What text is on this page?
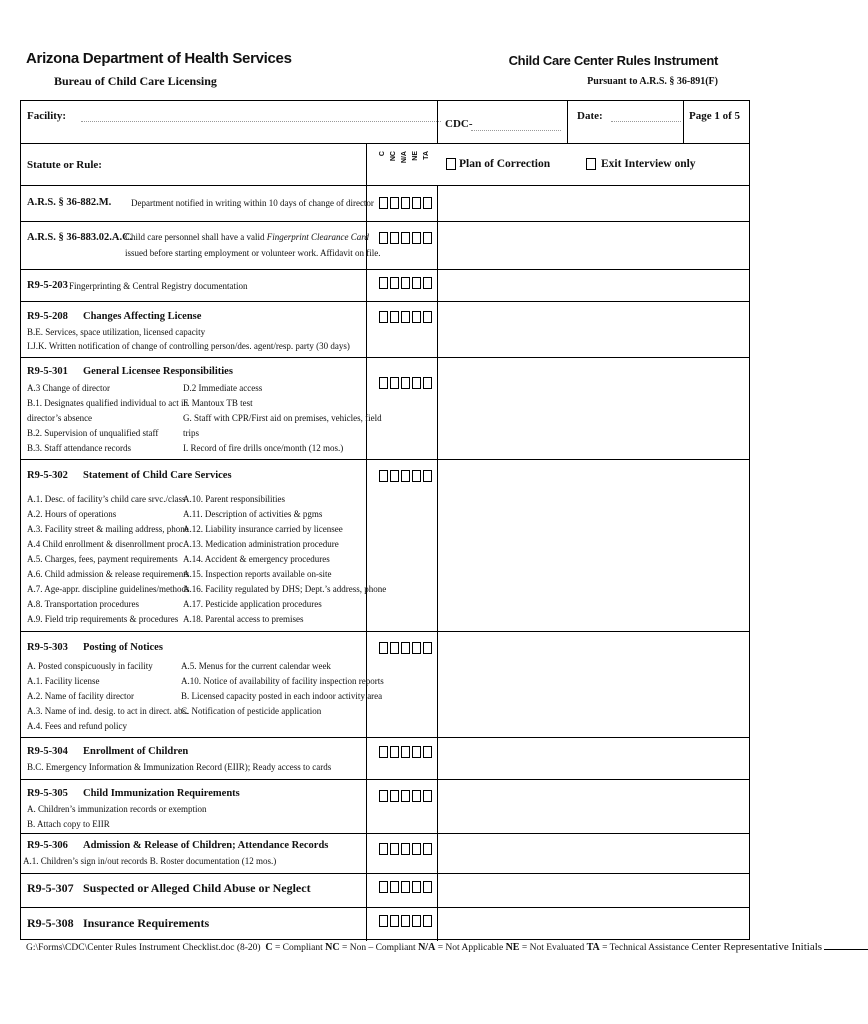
Arizona Department of Health Services
Bureau of Child Care Licensing
Child Care Center Rules Instrument
Pursuant to A.R.S. § 36-891(F)
Facility:
CDC-
Date:	Page 1 of 5
Statute or Rule:
C NC N/A NE TA
Plan of Correction	Exit Interview only
A.R.S. § 36-882.M. Department notified in writing within 10 days of change of director
A.R.S. § 36-883.02.A.C.
Child care personnel shall have a valid Fingerprint Clearance Card
issued before starting employment or volunteer work. Affidavit on file.
R9-5-203 Fingerprinting & Central Registry documentation
R9-5-208 Changes Affecting License
B.E. Services, space utilization, licensed capacity
I.J.K. Written notification of change of controlling person/des. agent/resp. party (30 days)
R9-5-301 General Licensee Responsibilities
A.3 Change of director
B.1. Designates qualified individual to act in
director’s absence
B.2. Supervision of unqualified staff
B.3. Staff attendance records
D.2 Immediate access
F. Mantoux TB test
G. Staff with CPR/First aid on premises, vehicles, field
trips
I. Record of fire drills once/month (12 mos.)
R9-5-302 Statement of Child Care Services
A.1. Desc. of facility’s child care srvc./class
A.2. Hours of operations
A.3. Facility street & mailing address, phone
A.4 Child enrollment & disenrollment proc.
A.5. Charges, fees, payment requirements
A.6. Child admission & release requirements
A.7. Age-appr. discipline guidelines/methods
A.8. Transportation procedures
A.9. Field trip requirements & procedures
A.10. Parent responsibilities
A.11. Description of activities & pgms
A.12. Liability insurance carried by licensee
A.13. Medication administration procedure
A.14. Accident & emergency procedures
A.15. Inspection reports available on-site
A.16. Facility regulated by DHS; Dept.’s address, phone
A.17. Pesticide application procedures
A.18. Parental access to premises
R9-5-303 Posting of Notices
A. Posted conspicuously in facility
A.1. Facility license
A.2. Name of facility director
A.3. Name of ind. desig. to act in direct. abs.
A.4. Fees and refund policy
A.5. Menus for the current calendar week
A.10. Notice of availability of facility inspection reports
B. Licensed capacity posted in each indoor activity area
C. Notification of pesticide application
R9-5-304 Enrollment of Children
B.C. Emergency Information & Immunization Record (EIIR); Ready access to cards
R9-5-305 Child Immunization Requirements
A. Children’s immunization records or exemption
B. Attach copy to EIIR
R9-5-306 Admission & Release of Children; Attendance Records
A.1. Children’s sign in/out records B. Roster documentation (12 mos.)
R9-5-307 Suspected or Alleged Child Abuse or Neglect
R9-5-308 Insurance Requirements
G:\Forms\CDC\Center Rules Instrument Checklist.doc (8-20) C = Compliant NC = Non – Compliant N/A = Not Applicable NE = Not Evaluated TA = Technical Assistance Center Representative Initials
